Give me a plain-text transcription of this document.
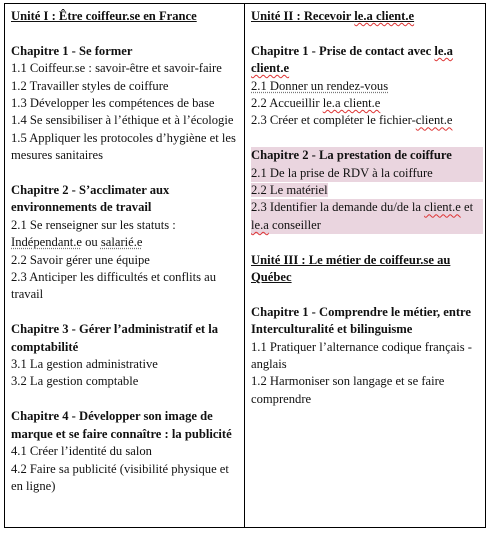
Unité I : Être coiffeur.se en France
Chapitre 1 - Se former
1.1 Coiffeur.se : savoir-être et savoir-faire
1.2 Travailler styles de coiffure
1.3 Développer les compétences de base
1.4 Se sensibiliser à l’éthique et à l’écologie
1.5 Appliquer les protocoles d’hygiène et les mesures sanitaires
Chapitre 2 - S’acclimater aux environnements de travail
2.1 Se renseigner sur les statuts : Indépendant.e ou salarié.e
2.2 Savoir gérer une équipe
2.3 Anticiper les difficultés et conflits au travail
Chapitre 3 - Gérer l’administratif et la comptabilité
3.1 La gestion administrative
3.2 La gestion comptable
Chapitre 4 - Développer son image de marque et se faire connaître : la publicité
4.1 Créer l’identité du salon
4.2 Faire sa publicité (visibilité physique et en ligne)
Unité II : Recevoir le.a client.e
Chapitre 1 - Prise de contact avec le.a client.e
2.1 Donner un rendez-vous
2.2 Accueillir le.a client.e
2.3 Créer et compléter le fichier-client.e
Chapitre 2 - La prestation de coiffure
2.1 De la prise de RDV à la coiffure
2.2 Le matériel
2.3 Identifier la demande du/de la client.e et le.a conseiller
Unité III : Le métier de coiffeur.se au Québec
Chapitre 1 - Comprendre le métier, entre Interculturalité et bilinguisme
1.1 Pratiquer l’alternance codique français - anglais
1.2 Harmoniser son langage et se faire comprendre
